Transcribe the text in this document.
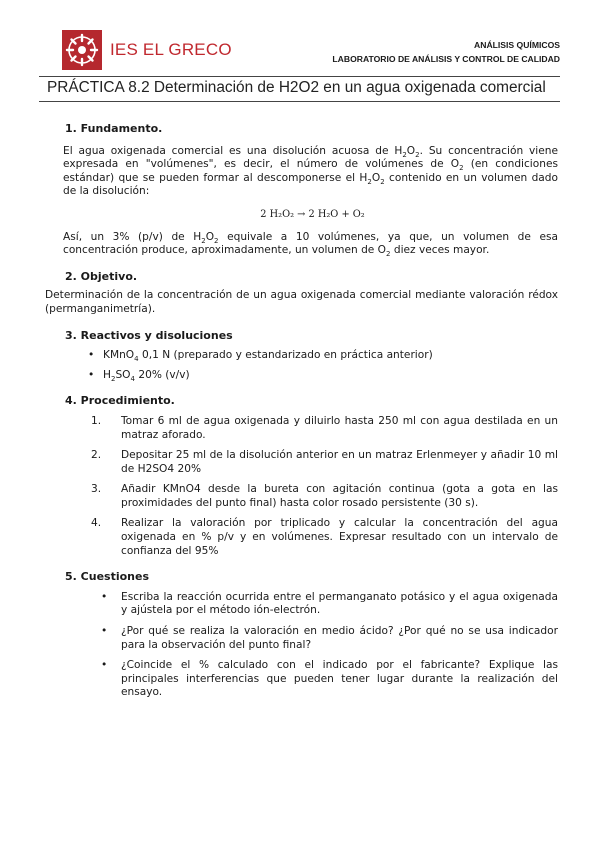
IES EL GRECO	ANÁLISIS QUÍMICOS
LABORATORIO DE ANÁLISIS Y CONTROL DE CALIDAD
PRÁCTICA 8.2 Determinación de H2O2 en un agua oxigenada comercial
1. Fundamento.
El agua oxigenada comercial es una disolución acuosa de $H_2O_2$. Su concentración viene expresada en "volúmenes", es decir, el número de volúmenes de $O_2$ (en condiciones estándar) que se pueden formar al descomponerse el $H_2O_2$ contenido en un volumen dado de la disolución:
2 H₂O₂ → 2 H₂O + O₂
Así, un 3% (p/v) de $H_2O_2$ equivale a 10 volúmenes, ya que, un volumen de esa concentración produce, aproximadamente, un volumen de $O_2$ diez veces mayor.
2. Objetivo.
Determinación de la concentración de un agua oxigenada comercial mediante valoración rédox (permanganimetría).
3. Reactivos y disoluciones
• KMnO$_4$ 0,1 N (preparado y estandarizado en práctica anterior)
• $H_2SO_4$ 20% (v/v)
4. Procedimiento.
1. Tomar 6 ml de agua oxigenada y diluirlo hasta 250 ml con agua destilada en un matraz aforado.
2. Depositar 25 ml de la disolución anterior en un matraz Erlenmeyer y añadir 10 ml de H2SO4 20%
3. Añadir KMnO4 desde la bureta con agitación continua (gota a gota en las proximidades del punto final) hasta color rosado persistente (30 s).
4. Realizar la valoración por triplicado y calcular la concentración del agua oxigenada en % p/v y en volúmenes. Expresar resultado con un intervalo de confianza del 95%
5. Cuestiones
• Escriba la reacción ocurrida entre el permanganato potásico y el agua oxigenada y ajústela por el método ión-electrón.
• ¿Por qué se realiza la valoración en medio ácido? ¿Por qué no se usa indicador para la observación del punto final?
• ¿Coincide el % calculado con el indicado por el fabricante? Explique las principales interferencias que pueden tener lugar durante la realización del ensayo.
